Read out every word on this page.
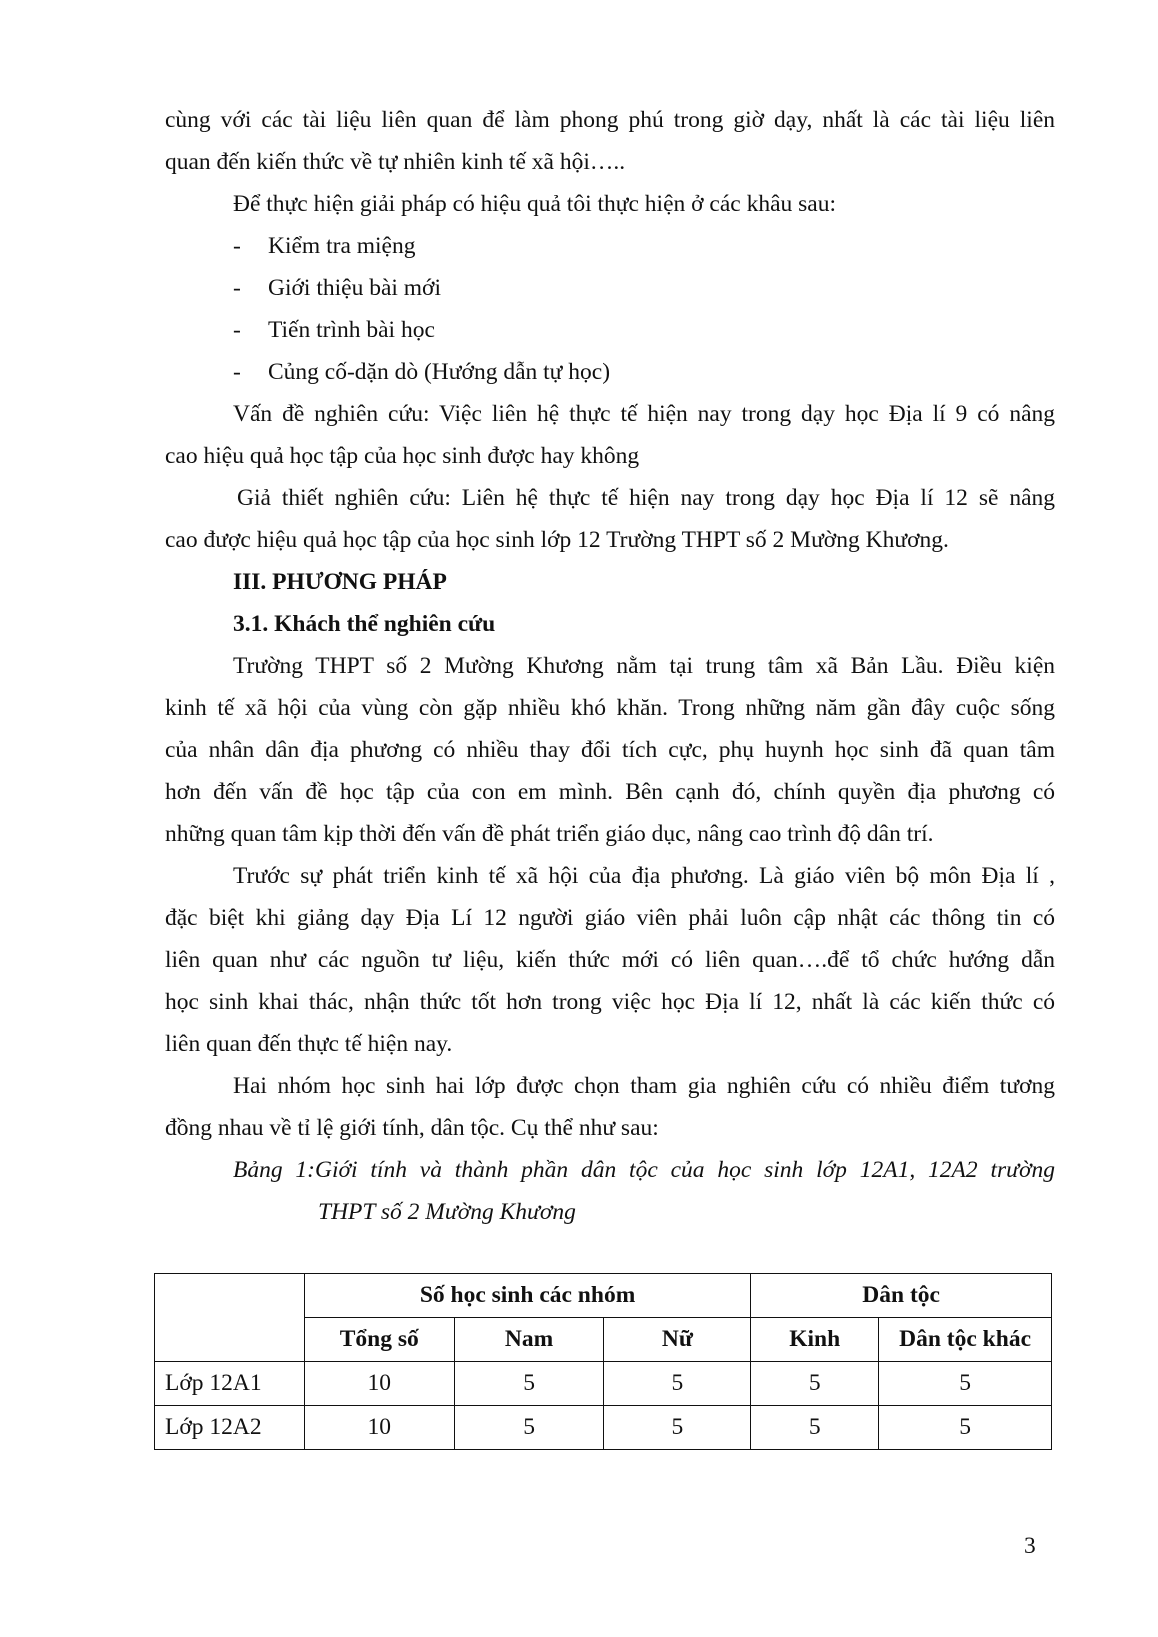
cùng với các tài liệu liên quan để làm phong phú trong giờ dạy, nhất là các tài liệu liên
quan đến kiến thức về tự nhiên kinh tế xã hội…..
Để thực hiện giải pháp có hiệu quả tôi thực hiện ở các khâu sau:
- Kiểm tra miệng
- Giới thiệu bài mới
- Tiến trình bài học
- Củng cố-dặn dò (Hướng dẫn tự học)
Vấn đề nghiên cứu: Việc liên hệ thực tế hiện nay trong dạy học Địa lí 9 có nâng
cao hiệu quả học tập của học sinh được hay không
Giả thiết nghiên cứu: Liên hệ thực tế hiện nay trong dạy học Địa lí 12 sẽ nâng
cao được hiệu quả học tập của học sinh lớp 12 Trường THPT số 2 Mường Khương.
III. PHƯƠNG PHÁP
3.1. Khách thể nghiên cứu
Trường THPT số 2 Mường Khương nằm tại trung tâm xã Bản Lầu. Điều kiện
kinh tế xã hội của vùng còn gặp nhiều khó khăn. Trong những năm gần đây cuộc sống
của nhân dân địa phương có nhiều thay đổi tích cực, phụ huynh học sinh đã quan tâm
hơn đến vấn đề học tập của con em mình. Bên cạnh đó, chính quyền địa phương có
những quan tâm kịp thời đến vấn đề phát triển giáo dục, nâng cao trình độ dân trí.
Trước sự phát triển kinh tế xã hội của địa phương. Là giáo viên bộ môn Địa lí ,
đặc biệt khi giảng dạy Địa Lí 12 người giáo viên phải luôn cập nhật các thông tin có
liên quan như các nguồn tư liệu, kiến thức mới có liên quan….để tổ chức hướng dẫn
học sinh khai thác, nhận thức tốt hơn trong việc học Địa lí 12, nhất là các kiến thức có
liên quan đến thực tế hiện nay.
Hai nhóm học sinh hai lớp được chọn tham gia nghiên cứu có nhiều điểm tương
đồng nhau về tỉ lệ giới tính, dân tộc. Cụ thể như sau:
Bảng 1:Giới tính và thành phần dân tộc của học sinh lớp 12A1, 12A2 trường
THPT số 2 Mường Khương
	Số học sinh các nhóm			Dân tộc	
	Tổng số	Nam	Nữ	Kinh	Dân tộc khác
Lớp 12A1	10	5	5	5	5
Lớp 12A2	10	5	5	5	5
3
